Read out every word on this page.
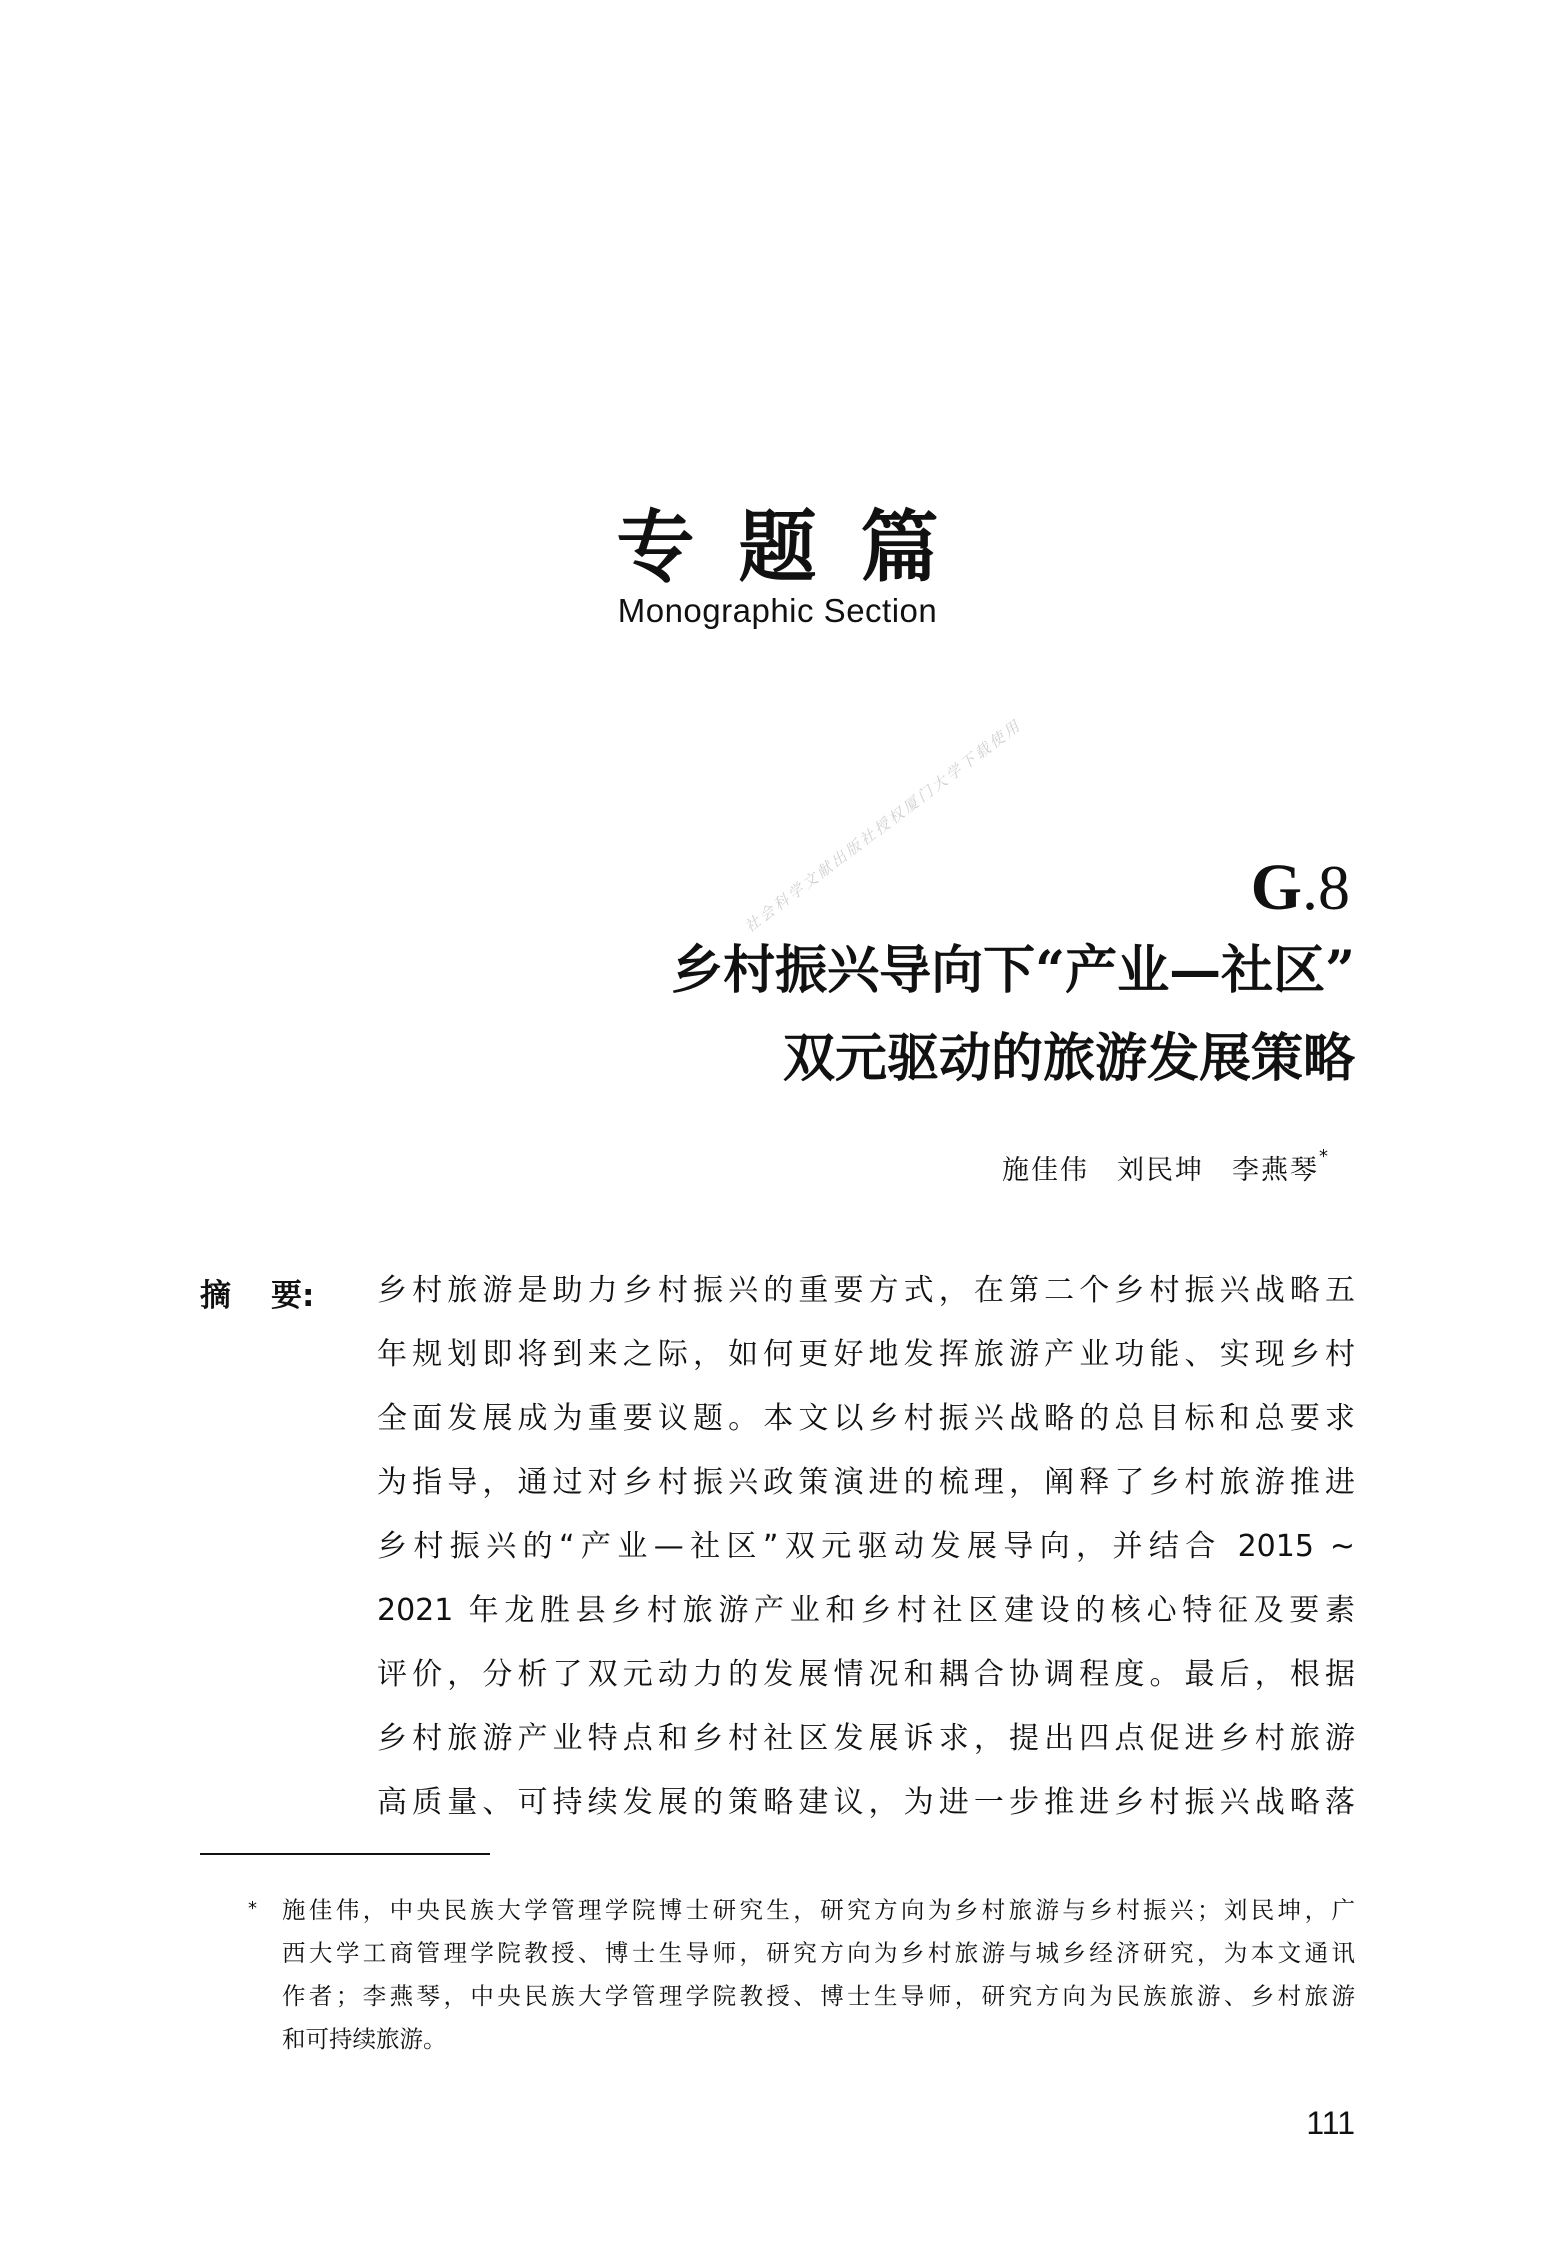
专题篇
Monographic Section
社会科学文献出版社授权厦门大学下载使用	G.8
乡村振兴导向下“产业—社区”
双元驱动的旅游发展策略
施佳伟 刘民坤 李燕琴*
摘 要: 乡村旅游是助力乡村振兴的重要方式，在第二个乡村振兴战略五
年规划即将到来之际，如何更好地发挥旅游产业功能、实现乡村
全面发展成为重要议题。本文以乡村振兴战略的总目标和总要求
为指导，通过对乡村振兴政策演进的梳理，阐释了乡村旅游推进
乡村振兴的“产业—社区”双元驱动发展导向，并结合 2015 ~
2021 年龙胜县乡村旅游产业和乡村社区建设的核心特征及要素
评价，分析了双元动力的发展情况和耦合协调程度。最后，根据
乡村旅游产业特点和乡村社区发展诉求，提出四点促进乡村旅游
高质量、可持续发展的策略建议，为进一步推进乡村振兴战略落
* 施佳伟，中央民族大学管理学院博士研究生，研究方向为乡村旅游与乡村振兴；刘民坤，广
西大学工商管理学院教授、博士生导师，研究方向为乡村旅游与城乡经济研究，为本文通讯
作者；李燕琴，中央民族大学管理学院教授、博士生导师，研究方向为民族旅游、乡村旅游
和可持续旅游。
111
